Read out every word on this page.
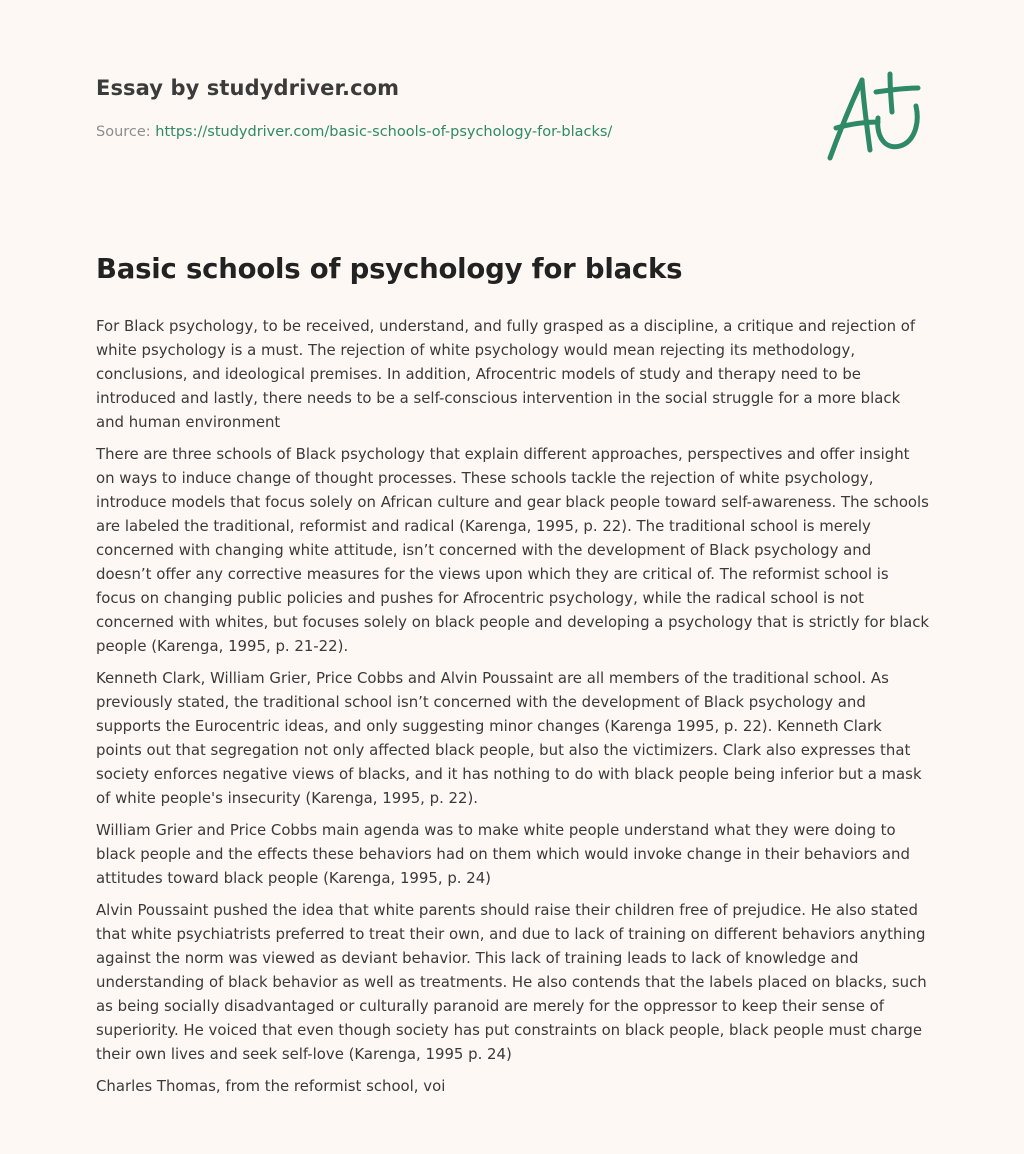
Essay by studydriver.com
Source: https://studydriver.com/basic-schools-of-psychology-for-blacks/
Basic schools of psychology for blacks

For Black psychology, to be received, understand, and fully grasped as a discipline, a critique and rejection of white psychology is a must. The rejection of white psychology would mean rejecting its methodology, conclusions, and ideological premises. In addition, Afrocentric models of study and therapy need to be introduced and lastly, there needs to be a self-conscious intervention in the social struggle for a more black and human environment

There are three schools of Black psychology that explain different approaches, perspectives and offer insight on ways to induce change of thought processes. These schools tackle the rejection of white psychology, introduce models that focus solely on African culture and gear black people toward self-awareness. The schools are labeled the traditional, reformist and radical (Karenga, 1995, p. 22). The traditional school is merely concerned with changing white attitude, isn’t concerned with the development of Black psychology and doesn’t offer any corrective measures for the views upon which they are critical of. The reformist school is focus on changing public policies and pushes for Afrocentric psychology, while the radical school is not concerned with whites, but focuses solely on black people and developing a psychology that is strictly for black people (Karenga, 1995, p. 21-22).

Kenneth Clark, William Grier, Price Cobbs and Alvin Poussaint are all members of the traditional school. As previously stated, the traditional school isn’t concerned with the development of Black psychology and supports the Eurocentric ideas, and only suggesting minor changes (Karenga 1995, p. 22). Kenneth Clark points out that segregation not only affected black people, but also the victimizers. Clark also expresses that society enforces negative views of blacks, and it has nothing to do with black people being inferior but a mask of white people's insecurity (Karenga, 1995, p. 22).

William Grier and Price Cobbs main agenda was to make white people understand what they were doing to black people and the effects these behaviors had on them which would invoke change in their behaviors and attitudes toward black people (Karenga, 1995, p. 24)

Alvin Poussaint pushed the idea that white parents should raise their children free of prejudice. He also stated that white psychiatrists preferred to treat their own, and due to lack of training on different behaviors anything against the norm was viewed as deviant behavior. This lack of training leads to lack of knowledge and understanding of black behavior as well as treatments. He also contends that the labels placed on blacks, such as being socially disadvantaged or culturally paranoid are merely for the oppressor to keep their sense of superiority. He voiced that even though society has put constraints on black people, black people must charge their own lives and seek self-love (Karenga, 1995 p. 24)

Charles Thomas, from the reformist school, voi
